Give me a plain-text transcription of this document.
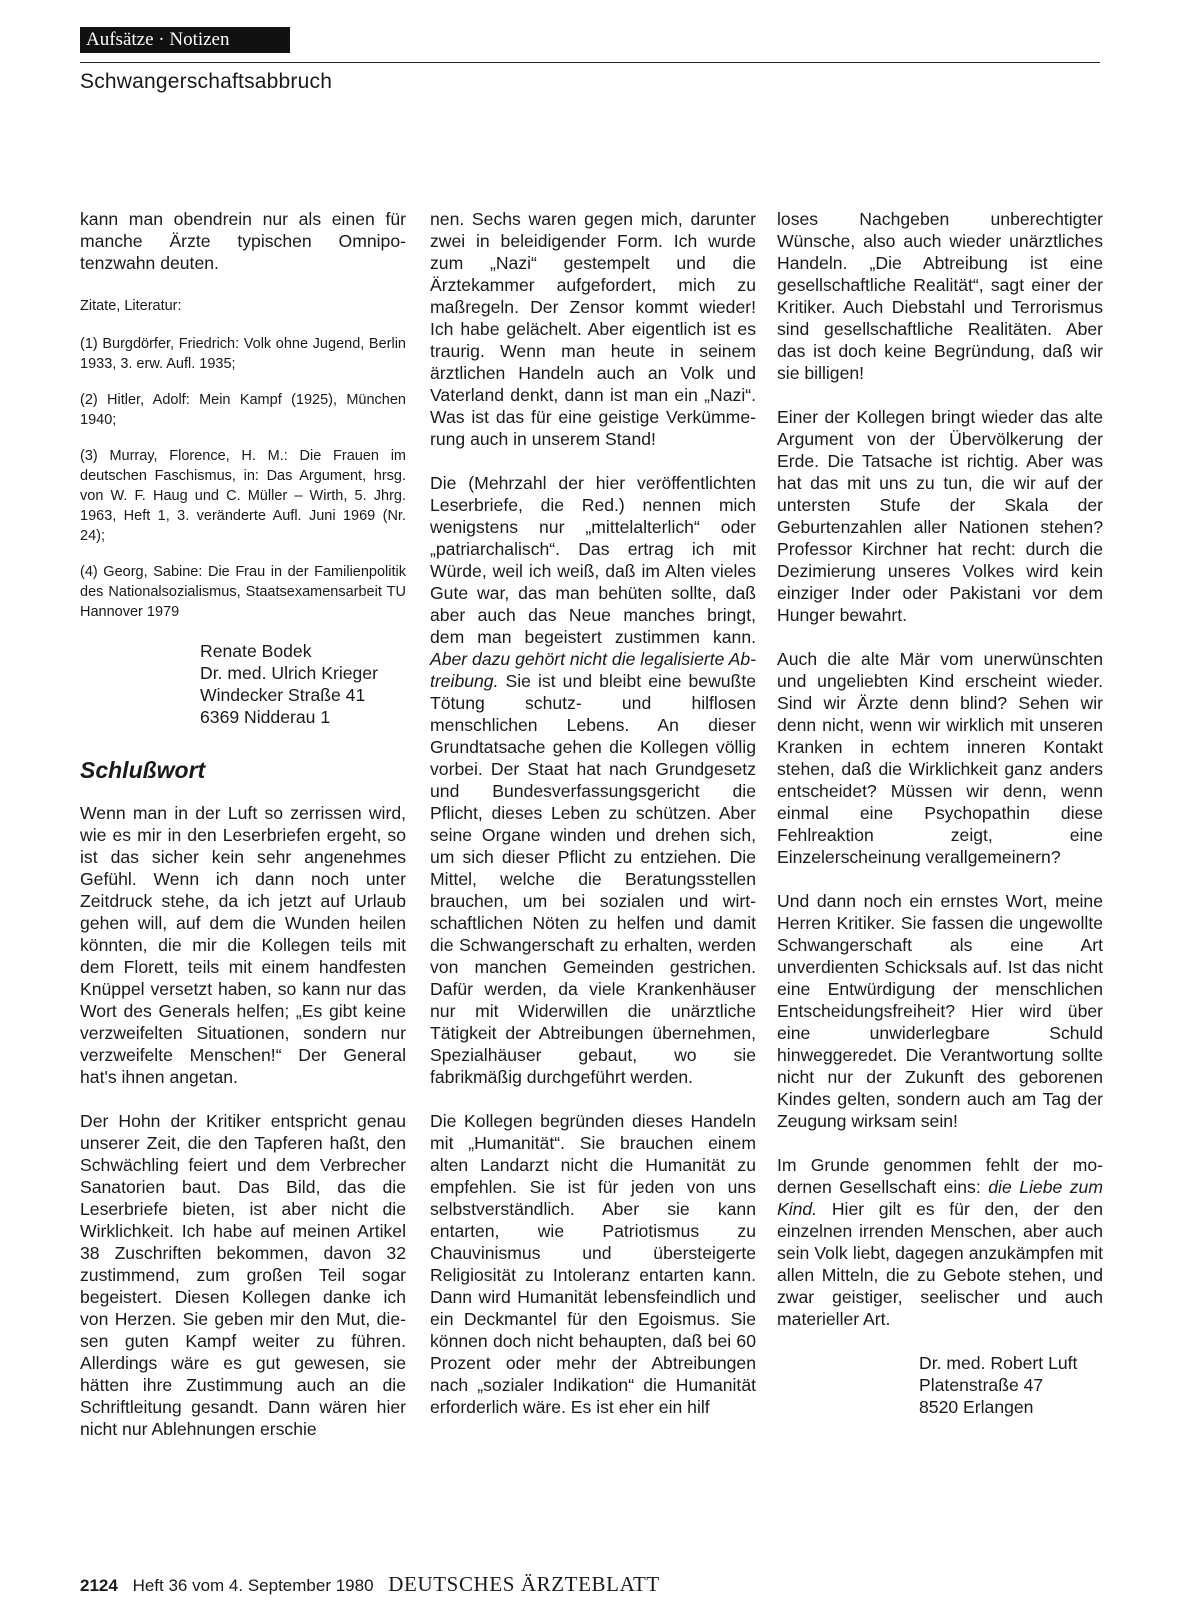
Aufsätze · Notizen
Schwangerschaftsabbruch

kann man obendrein nur als einen für manche Ärzte typischen Omnipotenzwahn deuten.

Zitate, Literatur:

(1) Burgdörfer, Friedrich: Volk ohne Jugend, Berlin 1933, 3. erw. Aufl. 1935;

(2) Hitler, Adolf: Mein Kampf (1925), München 1940;

(3) Murray, Florence, H. M.: Die Frauen im deutschen Faschismus, in: Das Argument, hrsg. von W. F. Haug und C. Müller – Wirth, 5. Jhrg. 1963, Heft 1, 3. veränderte Aufl. Juni 1969 (Nr. 24);

(4) Georg, Sabine: Die Frau in der Familienpolitik des Nationalsozialismus, Staatsexamensarbeit TU Hannover 1979

Renate Bodek
Dr. med. Ulrich Krieger
Windecker Straße 41
6369 Nidderau 1
Schlußwort

Wenn man in der Luft so zerrissen wird, wie es mir in den Leserbriefen ergeht, so ist das sicher kein sehr angenehmes Gefühl. Wenn ich dann noch unter Zeitdruck stehe, da ich jetzt auf Urlaub gehen will, auf dem die Wunden heilen könnten, die mir die Kollegen teils mit dem Florett, teils mit einem handfesten Knüppel versetzt haben, so kann nur das Wort des Generals helfen; „Es gibt keine verzweifelten Situationen, sondern nur verzweifelte Menschen!“ Der General hat's ihnen angetan.

Der Hohn der Kritiker entspricht genau unserer Zeit, die den Tapferen haßt, den Schwächling feiert und dem Verbrecher Sanatorien baut. Das Bild, das die Leserbriefe bieten, ist aber nicht die Wirklichkeit. Ich habe auf meinen Artikel 38 Zuschriften bekommen, davon 32 zustimmend, zum großen Teil sogar begeistert. Diesen Kollegen danke ich von Herzen. Sie geben mir den Mut, diesen guten Kampf weiter zu führen. Allerdings wäre es gut gewesen, sie hätten ihre Zustimmung auch an die Schriftleitung gesandt. Dann wären hier nicht nur Ablehnungen erschie

nen. Sechs waren gegen mich, darunter zwei in beleidigender Form. Ich wurde zum „Nazi“ gestempelt und die Ärztekammer aufgefordert, mich zu maßregeln. Der Zensor kommt wieder! Ich habe gelächelt. Aber eigentlich ist es traurig. Wenn man heute in seinem ärztlichen Handeln auch an Volk und Vaterland denkt, dann ist man ein „Nazi“. Was ist das für eine geistige Verkümmerung auch in unserem Stand!

Die (Mehrzahl der hier veröffentlichten Leserbriefe, die Red.) nennen mich wenigstens nur „mittelalterlich“ oder „patriarchalisch“. Das ertrag ich mit Würde, weil ich weiß, daß im Alten vieles Gute war, das man behüten sollte, daß aber auch das Neue manches bringt, dem man begeistert zustimmen kann. Aber dazu gehört nicht die legalisierte Abtreibung. Sie ist und bleibt eine bewußte Tötung schutz- und hilflosen menschlichen Lebens. An dieser Grundtatsache gehen die Kollegen völlig vorbei. Der Staat hat nach Grundgesetz und Bundesverfassungsgericht die Pflicht, dieses Leben zu schützen. Aber seine Organe winden und drehen sich, um sich dieser Pflicht zu entziehen. Die Mittel, welche die Beratungsstellen brauchen, um bei sozialen und wirtschaftlichen Nöten zu helfen und damit die Schwangerschaft zu erhalten, werden von manchen Gemeinden gestrichen. Dafür werden, da viele Krankenhäuser nur mit Widerwillen die unärztliche Tätigkeit der Abtreibungen übernehmen, Spezialhäuser gebaut, wo sie fabrikmäßig durchgeführt werden.

Die Kollegen begründen dieses Handeln mit „Humanität“. Sie brauchen einem alten Landarzt nicht die Humanität zu empfehlen. Sie ist für jeden von uns selbstverständlich. Aber sie kann entarten, wie Patriotismus zu Chauvinismus und übersteigerte Religiosität zu Intoleranz entarten kann. Dann wird Humanität lebensfeindlich und ein Deckmantel für den Egoismus. Sie können doch nicht behaupten, daß bei 60 Prozent oder mehr der Abtreibungen nach „sozialer Indikation“ die Humanität erforderlich wäre. Es ist eher ein hilf

loses Nachgeben unberechtigter Wünsche, also auch wieder unärztliches Handeln. „Die Abtreibung ist eine gesellschaftliche Realität“, sagt einer der Kritiker. Auch Diebstahl und Terrorismus sind gesellschaftliche Realitäten. Aber das ist doch keine Begründung, daß wir sie billigen!

Einer der Kollegen bringt wieder das alte Argument von der Übervölkerung der Erde. Die Tatsache ist richtig. Aber was hat das mit uns zu tun, die wir auf der untersten Stufe der Skala der Geburtenzahlen aller Nationen stehen? Professor Kirchner hat recht: durch die Dezimierung unseres Volkes wird kein einziger Inder oder Pakistani vor dem Hunger bewahrt.

Auch die alte Mär vom unerwünschten und ungeliebten Kind erscheint wieder. Sind wir Ärzte denn blind? Sehen wir denn nicht, wenn wir wirklich mit unseren Kranken in echtem inneren Kontakt stehen, daß die Wirklichkeit ganz anders entscheidet? Müssen wir denn, wenn einmal eine Psychopathin diese Fehlreaktion zeigt, eine Einzelerscheinung verallgemeinern?

Und dann noch ein ernstes Wort, meine Herren Kritiker. Sie fassen die ungewollte Schwangerschaft als eine Art unverdienten Schicksals auf. Ist das nicht eine Entwürdigung der menschlichen Entscheidungsfreiheit? Hier wird über eine unwiderlegbare Schuld hinweggeredet. Die Verantwortung sollte nicht nur der Zukunft des geborenen Kindes gelten, sondern auch am Tag der Zeugung wirksam sein!

Im Grunde genommen fehlt der modernen Gesellschaft eins: die Liebe zum Kind. Hier gilt es für den, der den einzelnen irrenden Menschen, aber auch sein Volk liebt, dagegen anzukämpfen mit allen Mitteln, die zu Gebote stehen, und zwar geistiger, seelischer und auch materieller Art.

Dr. med. Robert Luft
Platenstraße 47
8520 Erlangen
2124 Heft 36 vom 4. September 1980 DEUTSCHES ÄRZTEBLATT
